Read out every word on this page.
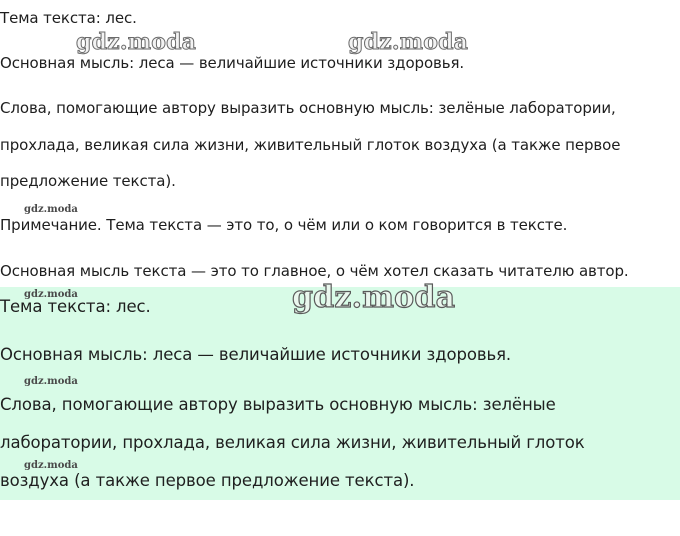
Тема текста: лес.
Основная мысль: леса — величайшие источники здоровья.
Слова, помогающие автору выразить основную мысль: зелёные лаборатории,
прохлада, великая сила жизни, живительный глоток воздуха (а также первое
предложение текста).
Примечание. Тема текста — это то, о чём или о ком говорится в тексте.
Основная мысль текста — это то главное, о чём хотел сказать читателю автор.
Тема текста: лес.
Основная мысль: леса — величайшие источники здоровья.
Слова, помогающие автору выразить основную мысль: зелёные
лаборатории, прохлада, великая сила жизни, живительный глоток
воздуха (а также первое предложение текста).
gdz.moda	gdz.moda
gdz.moda
gdz.moda	gdz.moda
gdz.moda
gdz.moda
